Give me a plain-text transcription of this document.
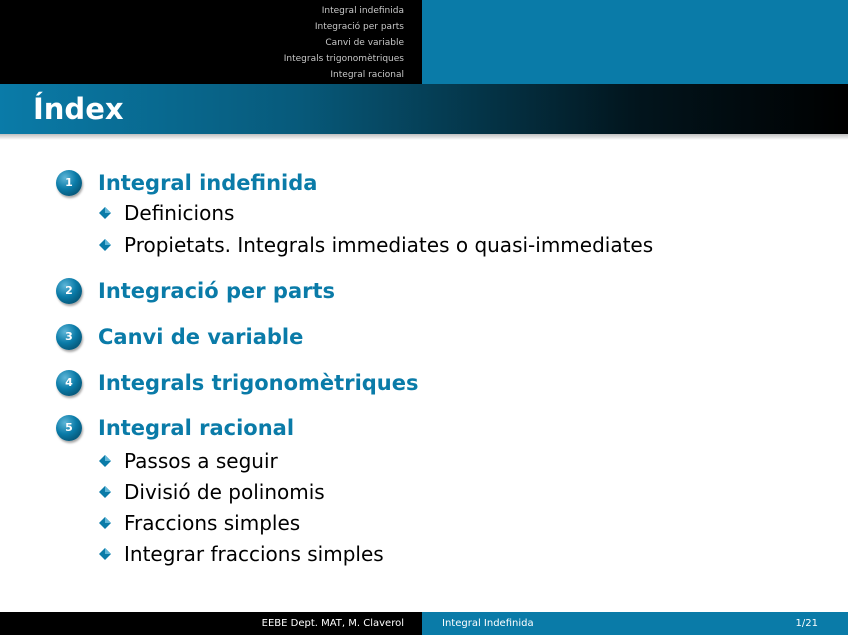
Integral indefinida
Integració per parts
Canvi de variable
Integrals trigonomètriques
Integral racional
Índex
1	Integral indefinida
Definicions
Propietats. Integrals immediates o quasi-immediates
2	Integració per parts
3	Canvi de variable
4	Integrals trigonomètriques
5	Integral racional
Passos a seguir
Divisió de polinomis
Fraccions simples
Integrar fraccions simples
EEBE Dept. MAT, M. Claverol	Integral Indefinida	1/21
